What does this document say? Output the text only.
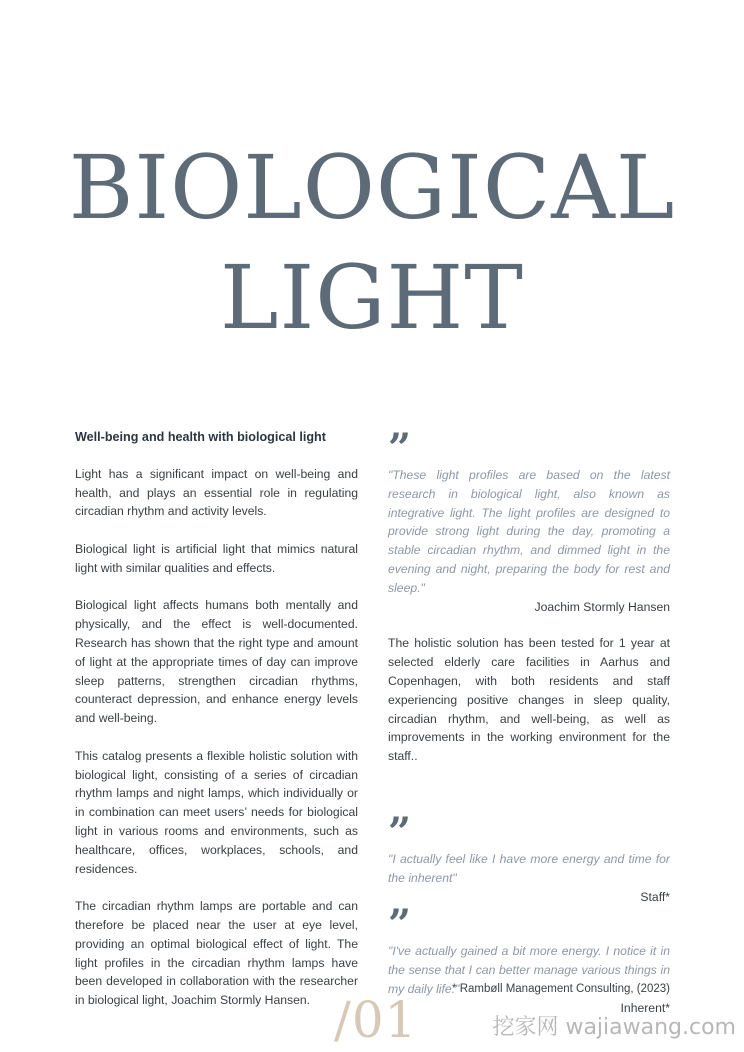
BIOLOGICAL
LIGHT
Well-being and health with biological light

Light has a significant impact on well-being and health, and plays an essential role in regulating circadian rhythm and activity levels.

Biological light is artificial light that mimics natural light with similar qualities and effects.

Biological light affects humans both mentally and physically, and the effect is well-documented. Research has shown that the right type and amount of light at the appropriate times of day can improve sleep patterns, strengthen circadian rhythms, counteract depression, and enhance energy levels and well-being.

This catalog presents a flexible holistic solution with biological light, consisting of a series of circadian rhythm lamps and night lamps, which individually or in combination can meet users’ needs for biological light in various rooms and environments, such as healthcare, offices, workplaces, schools, and residences.

The circadian rhythm lamps are portable and can therefore be placed near the user at eye level, providing an optimal biological effect of light. The light profiles in the circadian rhythm lamps have been developed in collaboration with the researcher in biological light, Joachim Stormly Hansen.

”

"These light profiles are based on the latest research in biological light, also known as integrative light. The light profiles are designed to provide strong light during the day, promoting a stable circadian rhythm, and dimmed light in the evening and night, preparing the body for rest and sleep."

Joachim Stormly Hansen

The holistic solution has been tested for 1 year at selected elderly care facilities in Aarhus and Copenhagen, with both residents and staff experiencing positive changes in sleep quality, circadian rhythm, and well-being, as well as improvements in the working environment for the staff..

”

"I actually feel like I have more energy and time for the inherent"

Staff*

”

"I've actually gained a bit more energy. I notice it in the sense that I can better manage various things in my daily life."

Inherent*

* Rambøll Management Consulting, (2023)
/01	挖家网 wajiawang.com
